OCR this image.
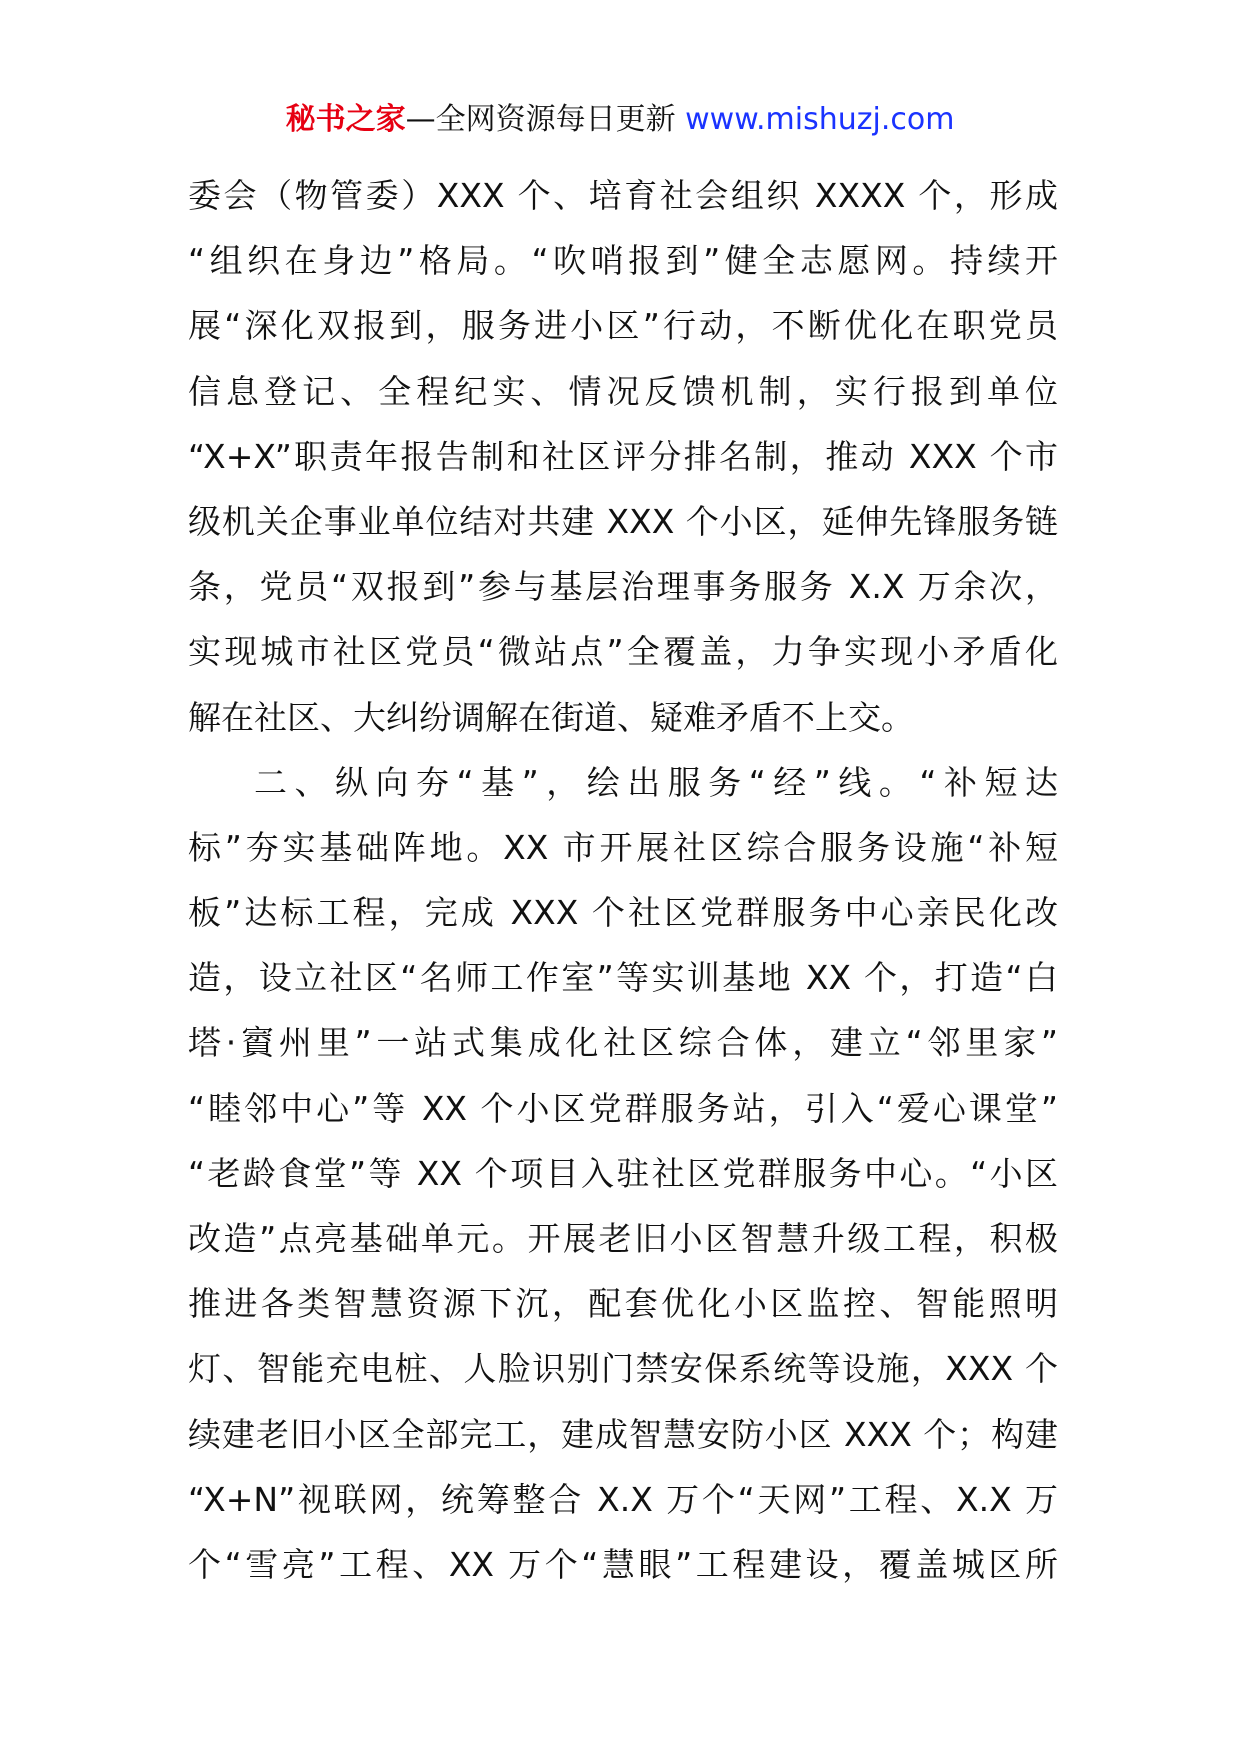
秘书之家—全网资源每日更新 www.mishuzj.com
委会（物管委）XXX 个、培育社会组织 XXXX 个，形成
“组织在身边”格局。“吹哨报到”健全志愿网。持续开
展“深化双报到，服务进小区”行动，不断优化在职党员
信息登记、全程纪实、情况反馈机制，实行报到单位
“X+X”职责年报告制和社区评分排名制，推动 XXX 个市
级机关企事业单位结对共建 XXX 个小区，延伸先锋服务链
条，党员“双报到”参与基层治理事务服务 X.X 万余次，
实现城市社区党员“微站点”全覆盖，力争实现小矛盾化
解在社区、大纠纷调解在街道、疑难矛盾不上交。
二、纵向夯“基”，绘出服务“经”线。“补短达
标”夯实基础阵地。XX 市开展社区综合服务设施“补短
板”达标工程，完成 XXX 个社区党群服务中心亲民化改
造，设立社区“名师工作室”等实训基地 XX 个，打造“白
塔·賨州里”一站式集成化社区综合体，建立“邻里家”
“睦邻中心”等 XX 个小区党群服务站，引入“爱心课堂”
“老龄食堂”等 XX 个项目入驻社区党群服务中心。“小区
改造”点亮基础单元。开展老旧小区智慧升级工程，积极
推进各类智慧资源下沉，配套优化小区监控、智能照明
灯、智能充电桩、人脸识别门禁安保系统等设施，XXX 个
续建老旧小区全部完工，建成智慧安防小区 XXX 个；构建
“X+N”视联网，统筹整合 X.X 万个“天网”工程、X.X 万
个“雪亮”工程、XX 万个“慧眼”工程建设，覆盖城区所
